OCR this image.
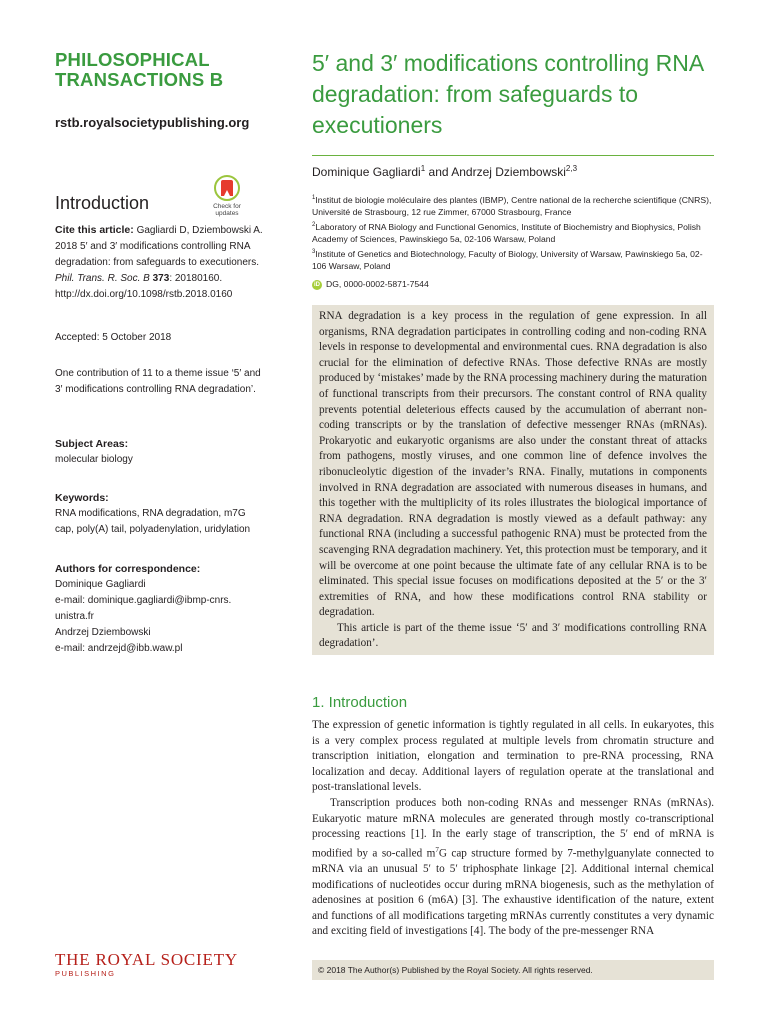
PHILOSOPHICAL
TRANSACTIONS B
rstb.royalsocietypublishing.org
Introduction	Check for
updates
Cite this article: Gagliardi D, Dziembowski A. 2018 5′ and 3′ modifications controlling RNA degradation: from safeguards to executioners. Phil. Trans. R. Soc. B 373: 20180160.
http://dx.doi.org/10.1098/rstb.2018.0160
Accepted: 5 October 2018
One contribution of 11 to a theme issue ‘5′ and 3′ modifications controlling RNA degradation’.
Subject Areas:
molecular biology
Keywords:
RNA modifications, RNA degradation, m7G cap, poly(A) tail, polyadenylation, uridylation
Authors for correspondence:
Dominique Gagliardi
e-mail: dominique.gagliardi@ibmp-cnrs.
unistra.fr
Andrzej Dziembowski
e-mail: andrzejd@ibb.waw.pl
THE ROYAL SOCIETY
PUBLISHING
5′ and 3′ modifications controlling RNA
degradation: from safeguards to
executioners
Dominique Gagliardi$^1$ and Andrzej Dziembowski$^{2,3}$
$^1$Institut de biologie moléculaire des plantes (IBMP), Centre national de la recherche scientifique (CNRS), Université de Strasbourg, 12 rue Zimmer, 67000 Strasbourg, France
$^2$Laboratory of RNA Biology and Functional Genomics, Institute of Biochemistry and Biophysics, Polish Academy of Sciences, Pawinskiego 5a, 02-106 Warsaw, Poland
$^3$Institute of Genetics and Biotechnology, Faculty of Biology, University of Warsaw, Pawinskiego 5a, 02-106 Warsaw, Poland
iD DG, 0000-0002-5871-7544

RNA degradation is a key process in the regulation of gene expression. In all organisms, RNA degradation participates in controlling coding and non-coding RNA levels in response to developmental and environmental cues. RNA degradation is also crucial for the elimination of defective RNAs. Those defective RNAs are mostly produced by ‘mistakes’ made by the RNA processing machinery during the maturation of functional transcripts from their precursors. The constant control of RNA quality prevents potential deleterious effects caused by the accumulation of aberrant non-coding transcripts or by the translation of defective messenger RNAs (mRNAs). Prokaryotic and eukaryotic organisms are also under the constant threat of attacks from pathogens, mostly viruses, and one common line of defence involves the ribonucleolytic digestion of the invader’s RNA. Finally, mutations in components involved in RNA degradation are associated with numerous diseases in humans, and this together with the multiplicity of its roles illustrates the biological importance of RNA degradation. RNA degradation is mostly viewed as a default pathway: any functional RNA (including a successful pathogenic RNA) must be protected from the scavenging RNA degradation machinery. Yet, this protection must be temporary, and it will be overcome at one point because the ultimate fate of any cellular RNA is to be eliminated. This special issue focuses on modifications deposited at the 5′ or the 3′ extremities of RNA, and how these modifications control RNA stability or degradation.

This article is part of the theme issue ‘5′ and 3′ modifications controlling RNA degradation’.

1. Introduction

The expression of genetic information is tightly regulated in all cells. In eukaryotes, this is a very complex process regulated at multiple levels from chromatin structure and transcription initiation, elongation and termination to pre-RNA processing, RNA localization and decay. Additional layers of regulation operate at the translational and post-translational levels.

Transcription produces both non-coding RNAs and messenger RNAs (mRNAs). Eukaryotic mature mRNA molecules are generated through mostly co-transcriptional processing reactions [1]. In the early stage of transcription, the 5′ end of mRNA is modified by a so-called $m^7G$ cap structure formed by 7-methylguanylate connected to mRNA via an unusual 5′ to 5′ triphosphate linkage [2]. Additional internal chemical modifications of nucleotides occur during mRNA biogenesis, such as the methylation of adenosines at position 6 (m6A) [3]. The exhaustive identification of the nature, extent and functions of all modifications targeting mRNAs currently constitutes a very dynamic and exciting field of investigations [4]. The body of the pre-messenger RNA

© 2018 The Author(s) Published by the Royal Society. All rights reserved.
